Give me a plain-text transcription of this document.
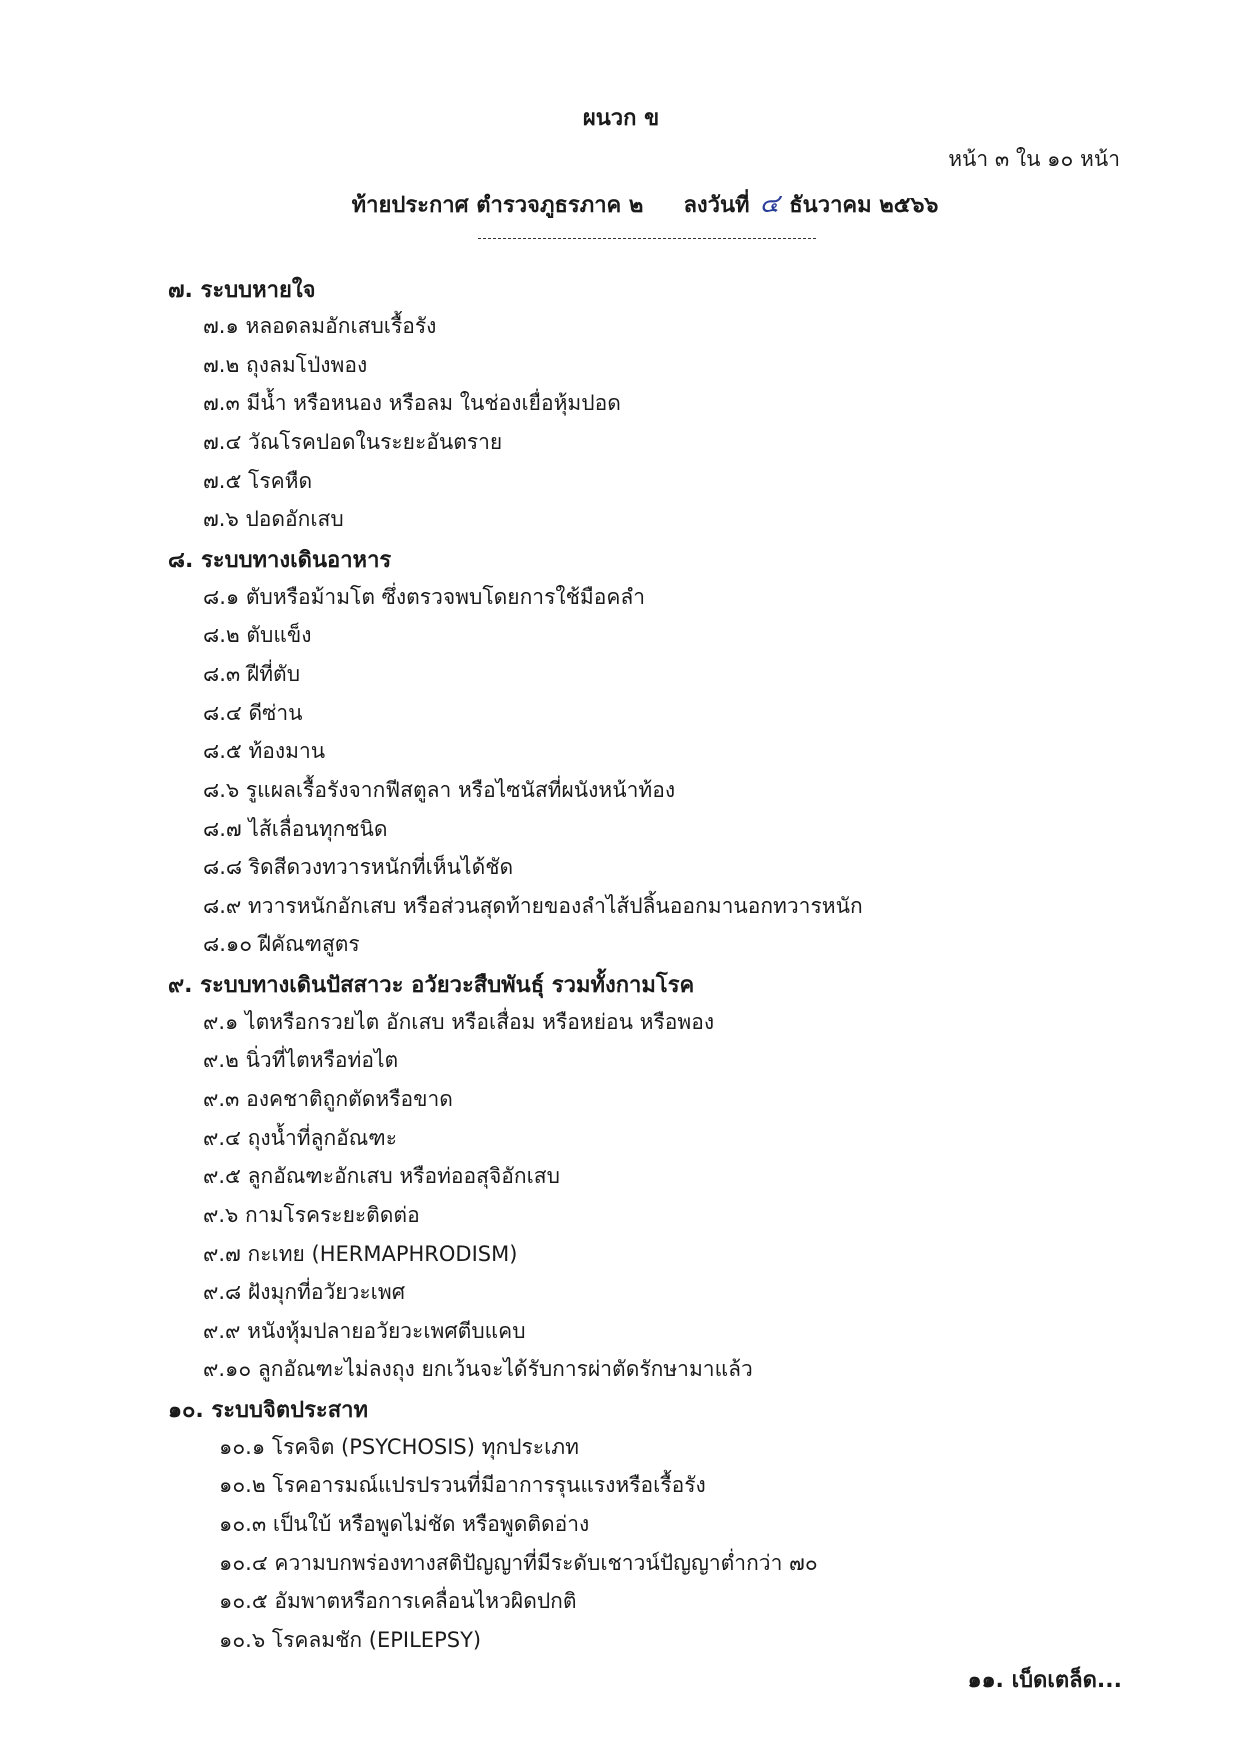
ผนวก ข
หน้า ๓ ใน ๑๐ หน้า
ท้ายประกาศ ตำรวจภูธรภาค ๒ ลงวันที่ ๔ ธันวาคม ๒๕๖๖
๗. ระบบหายใจ
๗.๑ หลอดลมอักเสบเรื้อรัง
๗.๒ ถุงลมโป่งพอง
๗.๓ มีน้ำ หรือหนอง หรือลม ในช่องเยื่อหุ้มปอด
๗.๔ วัณโรคปอดในระยะอันตราย
๗.๕ โรคหืด
๗.๖ ปอดอักเสบ
๘. ระบบทางเดินอาหาร
๘.๑ ตับหรือม้ามโต ซึ่งตรวจพบโดยการใช้มือคลำ
๘.๒ ตับแข็ง
๘.๓ ฝีที่ตับ
๘.๔ ดีซ่าน
๘.๕ ท้องมาน
๘.๖ รูแผลเรื้อรังจากฟีสตูลา หรือไซนัสที่ผนังหน้าท้อง
๘.๗ ไส้เลื่อนทุกชนิด
๘.๘ ริดสีดวงทวารหนักที่เห็นได้ชัด
๘.๙ ทวารหนักอักเสบ หรือส่วนสุดท้ายของลำไส้ปลิ้นออกมานอกทวารหนัก
๘.๑๐ ฝีคัณฑสูตร
๙. ระบบทางเดินปัสสาวะ อวัยวะสืบพันธุ์ รวมทั้งกามโรค
๙.๑ ไตหรือกรวยไต อักเสบ หรือเสื่อม หรือหย่อน หรือพอง
๙.๒ นิ่วที่ไตหรือท่อไต
๙.๓ องคชาติถูกตัดหรือขาด
๙.๔ ถุงน้ำที่ลูกอัณฑะ
๙.๕ ลูกอัณฑะอักเสบ หรือท่ออสุจิอักเสบ
๙.๖ กามโรคระยะติดต่อ
๙.๗ กะเทย (HERMAPHRODISM)
๙.๘ ฝังมุกที่อวัยวะเพศ
๙.๙ หนังหุ้มปลายอวัยวะเพศตีบแคบ
๙.๑๐ ลูกอัณฑะไม่ลงถุง ยกเว้นจะได้รับการผ่าตัดรักษามาแล้ว
๑๐. ระบบจิตประสาท
๑๐.๑ โรคจิต (PSYCHOSIS) ทุกประเภท
๑๐.๒ โรคอารมณ์แปรปรวนที่มีอาการรุนแรงหรือเรื้อรัง
๑๐.๓ เป็นใบ้ หรือพูดไม่ชัด หรือพูดติดอ่าง
๑๐.๔ ความบกพร่องทางสติปัญญาที่มีระดับเชาวน์ปัญญาต่ำกว่า ๗๐
๑๐.๕ อัมพาตหรือการเคลื่อนไหวผิดปกติ
๑๐.๖ โรคลมชัก (EPILEPSY)
๑๑. เบ็ดเตล็ด...
